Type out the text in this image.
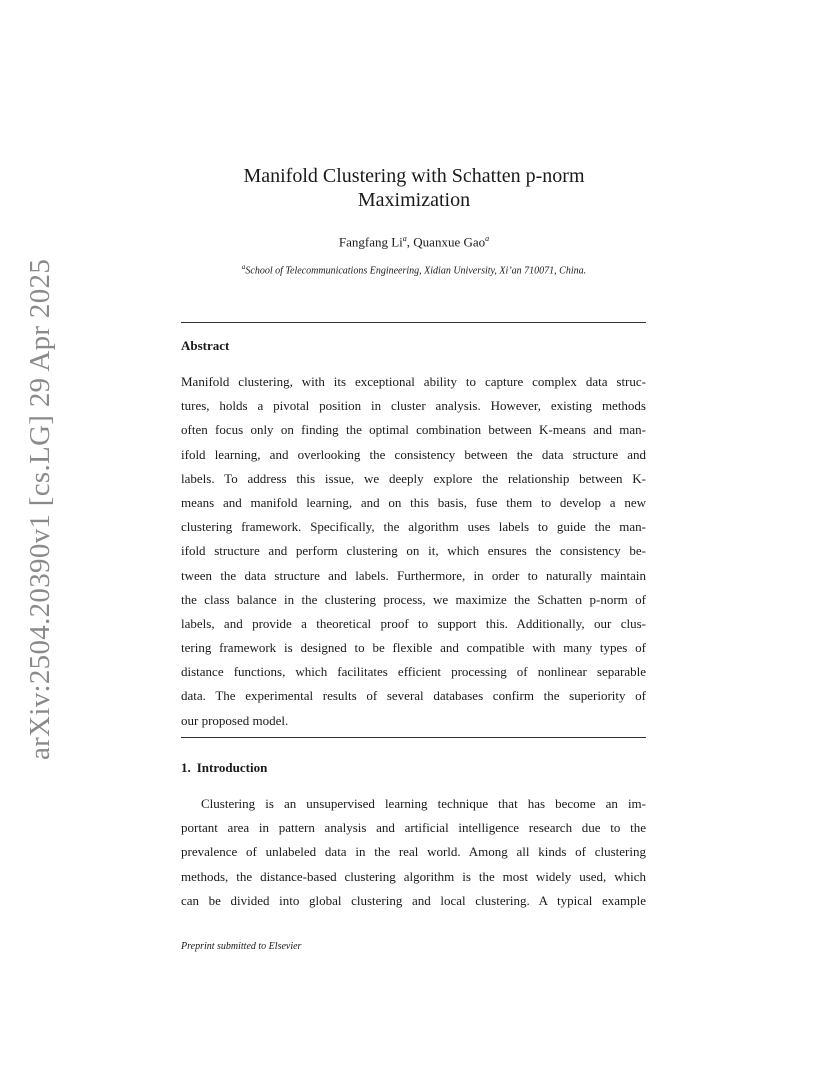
arXiv:2504.20390v1 [cs.LG] 29 Apr 2025
Manifold Clustering with Schatten p-norm
Maximization
Fangfang Li$^a$, Quanxue Gao$^a$
$^a$School of Telecommunications Engineering, Xidian University, Xi’an 710071, China.
Abstract
Manifold clustering, with its exceptional ability to capture complex data struc-
tures, holds a pivotal position in cluster analysis. However, existing methods
often focus only on finding the optimal combination between K-means and man-
ifold learning, and overlooking the consistency between the data structure and
labels. To address this issue, we deeply explore the relationship between K-
means and manifold learning, and on this basis, fuse them to develop a new
clustering framework. Specifically, the algorithm uses labels to guide the man-
ifold structure and perform clustering on it, which ensures the consistency be-
tween the data structure and labels. Furthermore, in order to naturally maintain
the class balance in the clustering process, we maximize the Schatten p-norm of
labels, and provide a theoretical proof to support this. Additionally, our clus-
tering framework is designed to be flexible and compatible with many types of
distance functions, which facilitates efficient processing of nonlinear separable
data. The experimental results of several databases confirm the superiority of
our proposed model.
1. Introduction
Clustering is an unsupervised learning technique that has become an im-
portant area in pattern analysis and artificial intelligence research due to the
prevalence of unlabeled data in the real world. Among all kinds of clustering
methods, the distance-based clustering algorithm is the most widely used, which
can be divided into global clustering and local clustering. A typical example
Preprint submitted to Elsevier
